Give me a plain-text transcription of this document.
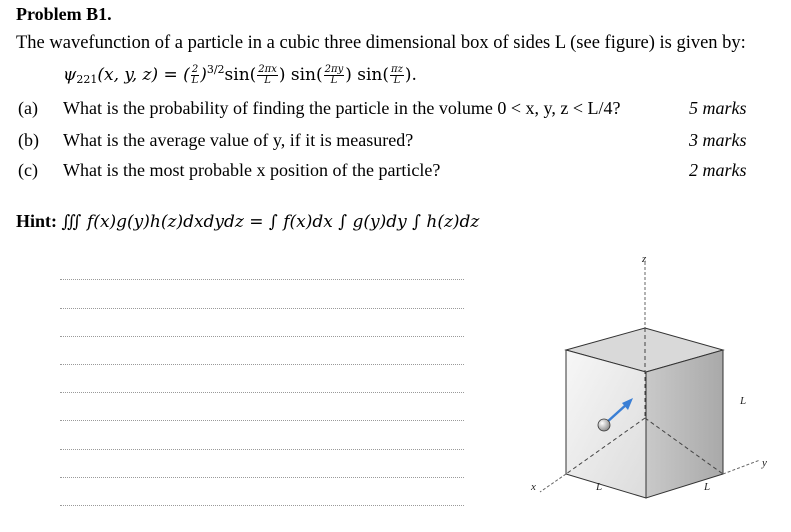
Problem B1.
The wavefunction of a particle in a cubic three dimensional box of sides L (see figure) is given by:
$\psi_{221}(x$, y, z) = ( $\frac{2}{L} )^{3/2}\sin( \frac{2\pi x}{L}$ ) $\sin( \frac{2\pi y}{L}$ ) $\sin( \frac{\pi z}{L}$ ).
(a) What is the probability of finding the particle in the volume 0 < x, y, z < L/4?	5 marks
(b) What is the average value of y, if it is measured?	3 marks
(c) What is the most probable x position of the particle?	2 marks
Hint: ∭ f(x)g(y)h(z)dxdydz = ∫ f(x)dx ∫ g(y)dy ∫ h(z)dz
z
x
y
L
L	L
